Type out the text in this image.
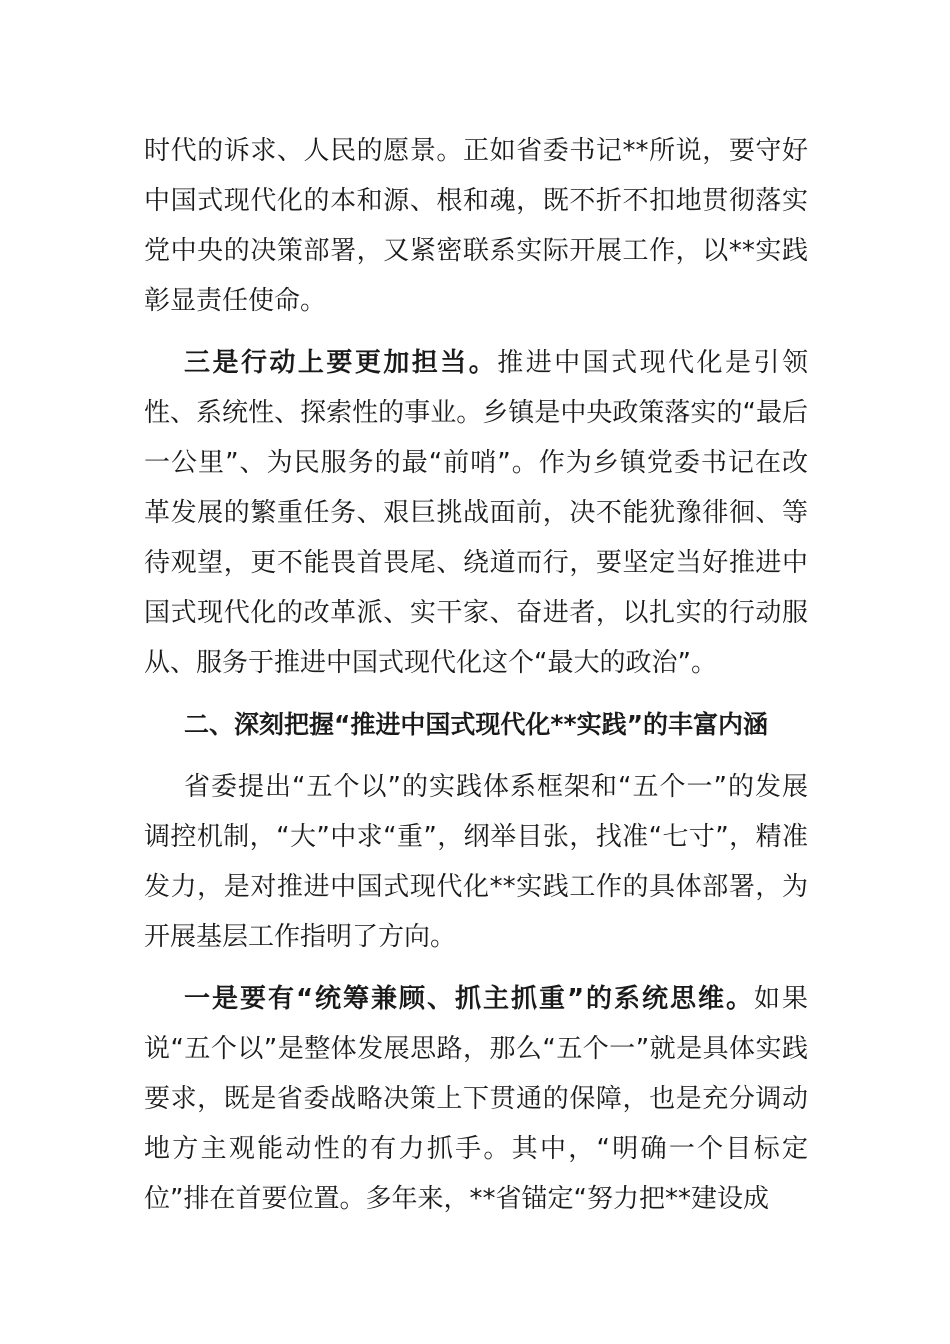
时代的诉求、人民的愿景。正如省委书记**所说，要守好中国式现代化的本和源、根和魂，既不折不扣地贯彻落实党中央的决策部署，又紧密联系实际开展工作，以**实践彰显责任使命。

三是行动上要更加担当。推进中国式现代化是引领性、系统性、探索性的事业。乡镇是中央政策落实的“最后一公里”、为民服务的最“前哨”。作为乡镇党委书记在改革发展的繁重任务、艰巨挑战面前，决不能犹豫徘徊、等待观望，更不能畏首畏尾、绕道而行，要坚定当好推进中国式现代化的改革派、实干家、奋进者，以扎实的行动服从、服务于推进中国式现代化这个“最大的政治”。

二、深刻把握“推进中国式现代化**实践”的丰富内涵

省委提出“五个以”的实践体系框架和“五个一”的发展调控机制，“大”中求“重”，纲举目张，找准“七寸”，精准发力，是对推进中国式现代化**实践工作的具体部署，为开展基层工作指明了方向。

一是要有“统筹兼顾、抓主抓重”的系统思维。如果说“五个以”是整体发展思路，那么“五个一”就是具体实践要求，既是省委战略决策上下贯通的保障，也是充分调动地方主观能动性的有力抓手。其中，“明确一个目标定位”排在首要位置。多年来，**省锚定“努力把**建设成
